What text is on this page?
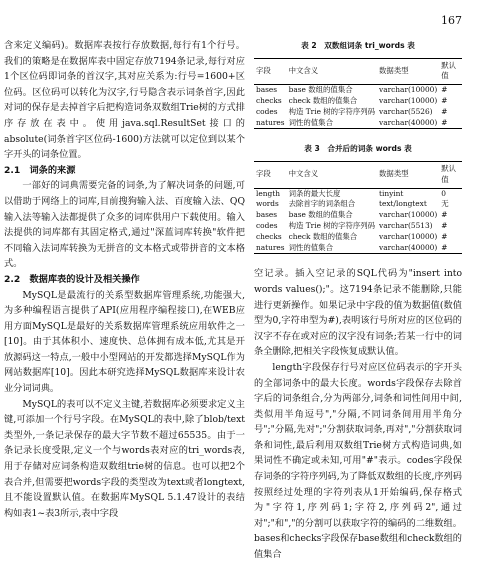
167

含来定义编码)。数据库表按行存放数据,每行有1个行号。我们的策略是在数据库表中固定存放7194条记录,每行对应1个区位码即词条的首汉字,其对应关系为:行号=1600+区位码。区位码可以转化为汉字,行号隐含表示词条首字,因此对词的保存是去掉首字后把构造词条双数组Trie树的方式排序存放在表中。使用java.sql.ResultSet接口的absolute(词条首字区位码-1600)方法就可以定位到以某个字开头的词条位置。

2.1　词条的来源

一部好的词典需要完备的词条,为了解决词条的问题,可以借助于网络上的词库,目前搜狗输入法、百度输入法、QQ输入法等输入法都提供了众多的词库供用户下载使用。输入法提供的词库都有其固定格式,通过"深蓝词库转换"软件把不同输入法词库转换为无拼音的文本格式或带拼音的文本格式。

2.2　数据库表的设计及相关操作

MySQL是最流行的关系型数据库管理系统,功能强大,为多种编程语言提供了API(应用程序编程接口),在WEB应用方面MySQL是最好的关系数据库管理系统应用软件之一[10]。由于其体积小、速度快、总体拥有成本低,尤其是开放源码这一特点,一般中小型网站的开发都选择MySQL作为网站数据库[10]。因此本研究选择MySQL数据库来设计农业分词词典。

MySQL的表可以不定义主键,若数据库必须要求定义主键,可添加一个行号字段。在MySQL的表中,除了blob/text类型外,一条记录保存的最大字节数不超过65535。由于一条记录长度受限,定义一个与words表对应的tri_words表,用于存储对应词条构造双数组trie树的信息。也可以把2个表合并,但需要把words字段的类型改为text或者longtext,且不能设置默认值。在数据库MySQL 5.1.47设计的表结构如表1~表3所示,表中字段

表 2　双数组词条 tri_words 表

字段	中文含义	数据类型	默认值
bases	base 数组的值集合	varchar(10000)	#
checks	check 数组的值集合	varchar(10000)	#
codes	构造 Trie 树的字符序列码	varchar(5526)	#
natures	词性的值集合	varchar(40000)	#

表 3　合并后的词条 words 表

字段	中文含义	数据类型	默认值
length	词条的最大长度	tinyint	0
words	去除首字的词条组合	text/longtext	无
bases	base 数组的值集合	varchar(10000)	#
codes	构造 Trie 树的字符序列码	varchar(5513)	#
checks	check 数组的值集合	varchar(10000)	#
natures	词性的值集合	varchar(40000)	#

空记录。插入空记录的SQL代码为"insert into words values();"。这7194条记录不能删除,只能进行更新操作。如果记录中字段的值为数据值(数值型为0,字符串型为#),表明该行号所对应的区位码的汉字不存在或对应的汉字没有词条;若某一行中的词条全删除,把相关字段恢复成默认值。

length字段保存行号对应区位码表示的字开头的全部词条中的最大长度。words字段保存去除首字后的词条组合,分为两部分,词条和词性间用中间,类似用半角逗号","分隔,不同词条间用用半角分号";"分隔,先对";"分割获取词条,再对","分割获取词条和词性,最后利用双数组Trie树方式构造词典,如果词性不确定或未知,可用"#"表示。codes字段保存词条的字符序列码,为了降低双数组的长度,序列码按照经过处理的字符列表从1开始编码,保存格式为"字符1,序列码1;字符2,序列码2",通过对";"和","的分割可以获取字符的编码的二维数组。bases和checks字段保存base数组和check数组的值集合
